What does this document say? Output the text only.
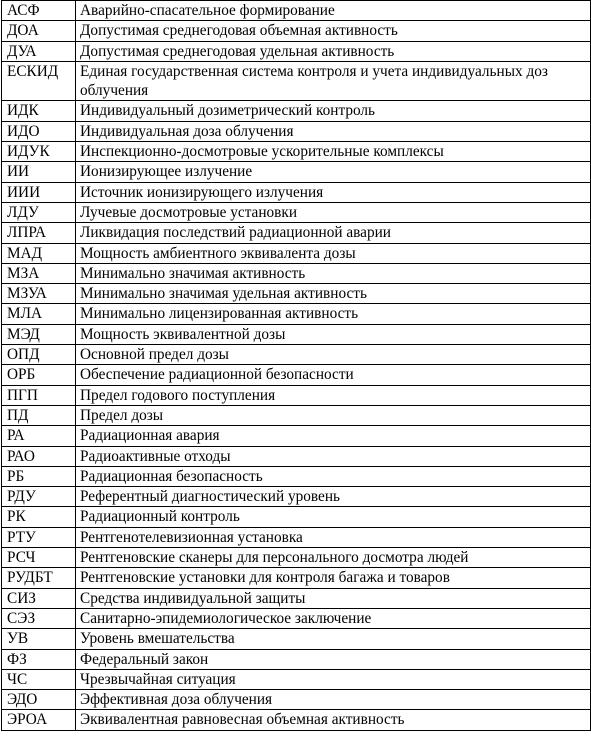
АСФ	Аварийно-спасательное формирование
ДОА	Допустимая среднегодовая объемная активность
ДУА	Допустимая среднегодовая удельная активность
ЕСКИД	Единая государственная система контроля и учета индивидуальных доз облучения
ИДК	Индивидуальный дозиметрический контроль
ИДО	Индивидуальная доза облучения
ИДУК	Инспекционно-досмотровые ускорительные комплексы
ИИ	Ионизирующее излучение
ИИИ	Источник ионизирующего излучения
ЛДУ	Лучевые досмотровые установки
ЛПРА	Ликвидация последствий радиационной аварии
МАД	Мощность амбиентного эквивалента дозы
МЗА	Минимально значимая активность
МЗУА	Минимально значимая удельная активность
МЛА	Минимально лицензированная активность
МЭД	Мощность эквивалентной дозы
ОПД	Основной предел дозы
ОРБ	Обеспечение радиационной безопасности
ПГП	Предел годового поступления
ПД	Предел дозы
РА	Радиационная авария
РАО	Радиоактивные отходы
РБ	Радиационная безопасность
РДУ	Референтный диагностический уровень
РК	Радиационный контроль
РТУ	Рентгенотелевизионная установка
РСЧ	Рентгеновские сканеры для персонального досмотра людей
РУДБТ	Рентгеновские установки для контроля багажа и товаров
СИЗ	Средства индивидуальной защиты
СЭЗ	Санитарно-эпидемиологическое заключение
УВ	Уровень вмешательства
ФЗ	Федеральный закон
ЧС	Чрезвычайная ситуация
ЭДО	Эффективная доза облучения
ЭРОА	Эквивалентная равновесная объемная активность
